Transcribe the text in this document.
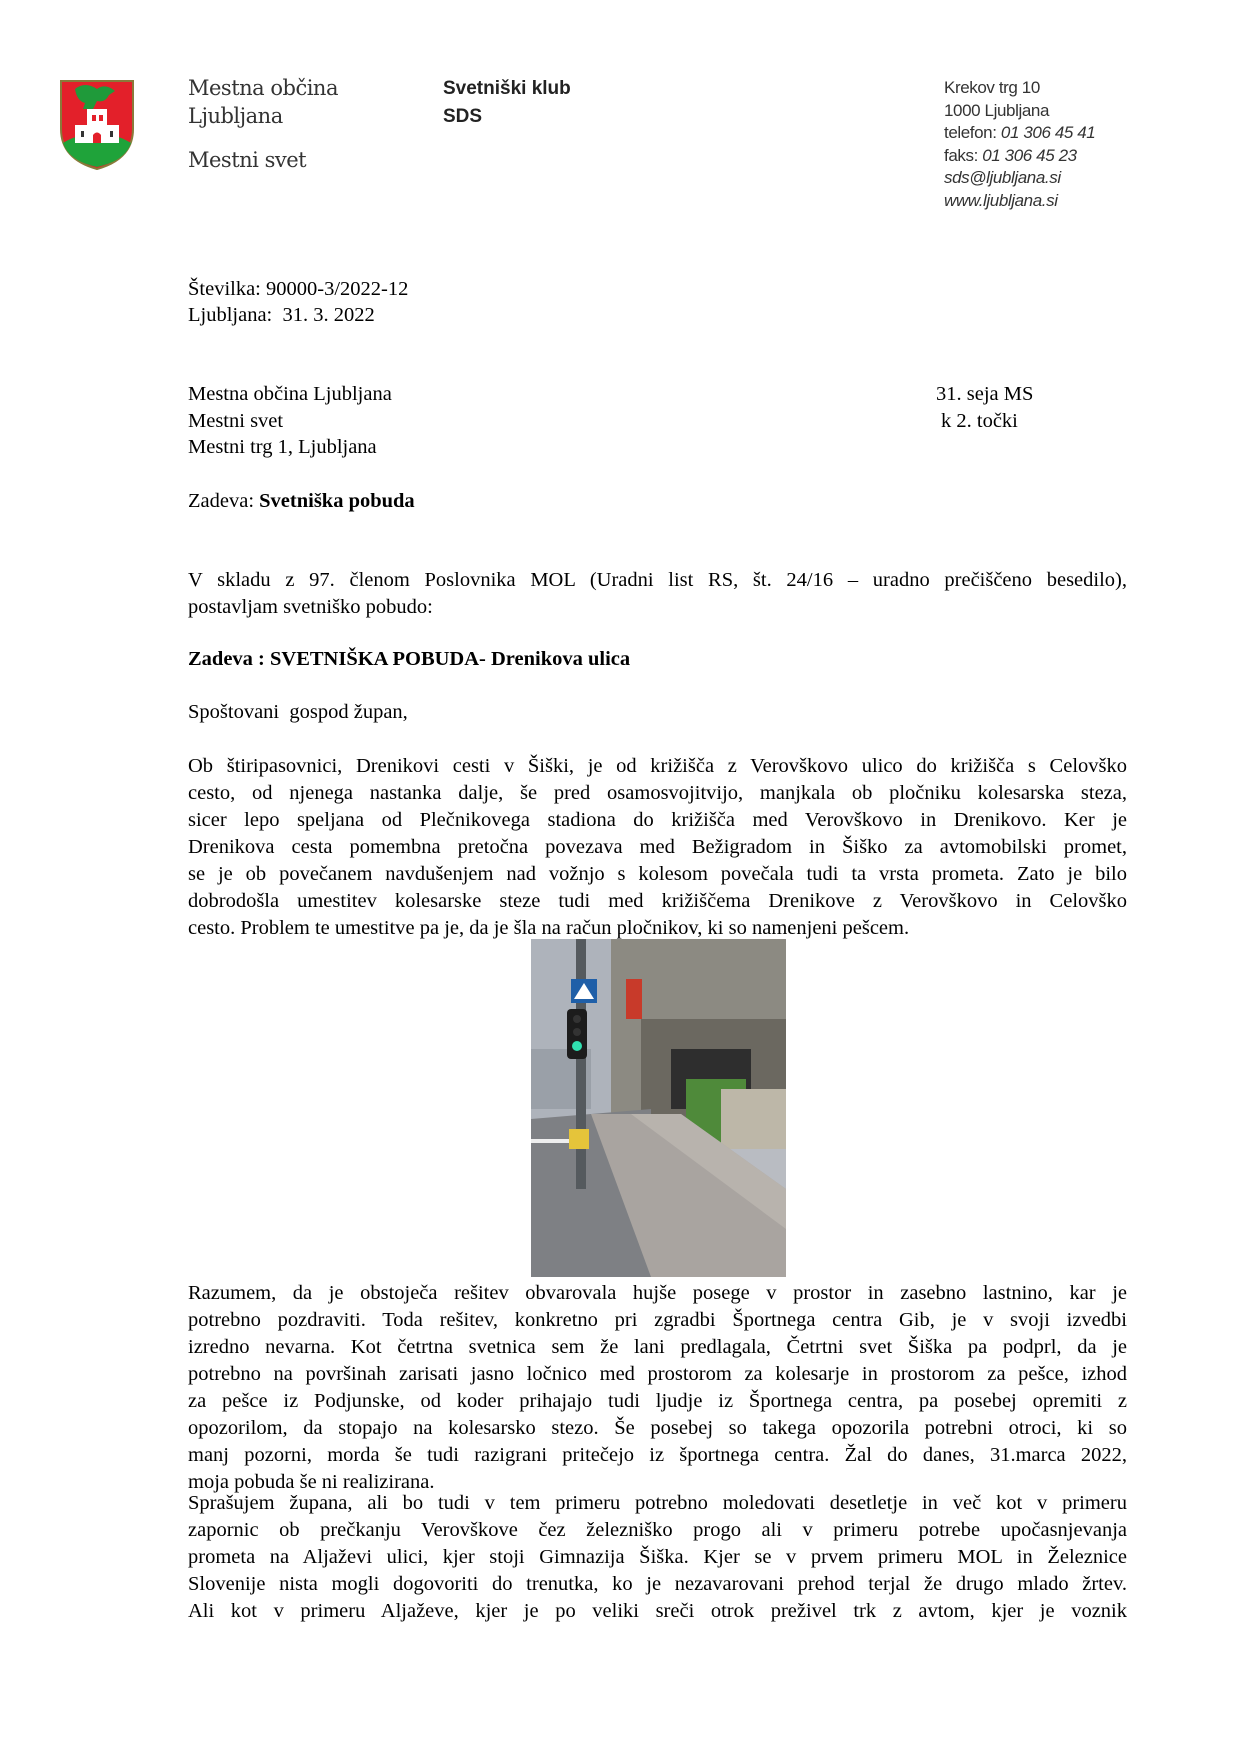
Mestna občina
Ljubljana
Mestni svet
Svetniški klub
SDS
Krekov trg 10
1000 Ljubljana
telefon: 01 306 45 41
faks: 01 306 45 23
sds@ljubljana.si
www.ljubljana.si
Številka: 90000-3/2022-12
Ljubljana:  31. 3. 2022
Mestna občina Ljubljana
Mestni svet
Mestni trg 1, Ljubljana
31. seja MS
k 2. točki
Zadeva: Svetniška pobuda
V skladu z 97. členom Poslovnika MOL (Uradni list RS, št. 24/16 – uradno prečiščeno besedilo),
postavljam svetniško pobudo:
Zadeva : SVETNIŠKA POBUDA- Drenikova ulica
Spoštovani  gospod župan,
Ob štiripasovnici, Drenikovi cesti v Šiški, je od križišča z Verovškovo ulico do križišča s Celovško
cesto, od njenega nastanka dalje, še pred osamosvojitvijo, manjkala ob pločniku kolesarska steza,
sicer lepo speljana od Plečnikovega stadiona do križišča med Verovškovo in Drenikovo. Ker je
Drenikova cesta pomembna pretočna povezava med Bežigradom in Šiško za avtomobilski promet,
se je ob povečanem navdušenjem nad vožnjo s kolesom povečala tudi ta vrsta prometa. Zato je bilo
dobrodošla umestitev kolesarske steze tudi med križiščema Drenikove z Verovškovo in Celovško
cesto. Problem te umestitve pa je, da je šla na račun pločnikov, ki so namenjeni pešcem.
Razumem, da je obstoječa rešitev obvarovala hujše posege v prostor in zasebno lastnino, kar je
potrebno pozdraviti. Toda rešitev, konkretno pri zgradbi Športnega centra Gib, je v svoji izvedbi
izredno nevarna. Kot četrtna svetnica sem že lani predlagala, Četrtni svet Šiška pa podprl, da je
potrebno na površinah zarisati jasno ločnico med prostorom za kolesarje in prostorom za pešce, izhod
za pešce iz Podjunske, od koder prihajajo tudi ljudje iz Športnega centra, pa posebej opremiti z
opozorilom, da stopajo na kolesarsko stezo. Še posebej so takega opozorila potrebni otroci, ki so
manj pozorni, morda še tudi razigrani pritečejo iz športnega centra. Žal do danes, 31.marca 2022,
moja pobuda še ni realizirana.
Sprašujem župana, ali bo tudi v tem primeru potrebno moledovati desetletje in več kot v primeru
zapornic ob prečkanju Verovškove čez železniško progo ali v primeru potrebe upočasnjevanja
prometa na Aljaževi ulici, kjer stoji Gimnazija Šiška. Kjer se v prvem primeru MOL in Železnice
Slovenije nista mogli dogovoriti do trenutka, ko je nezavarovani prehod terjal že drugo mlado žrtev.
Ali kot v primeru Aljaževe, kjer je po veliki sreči otrok preživel trk z avtom, kjer je voznik
